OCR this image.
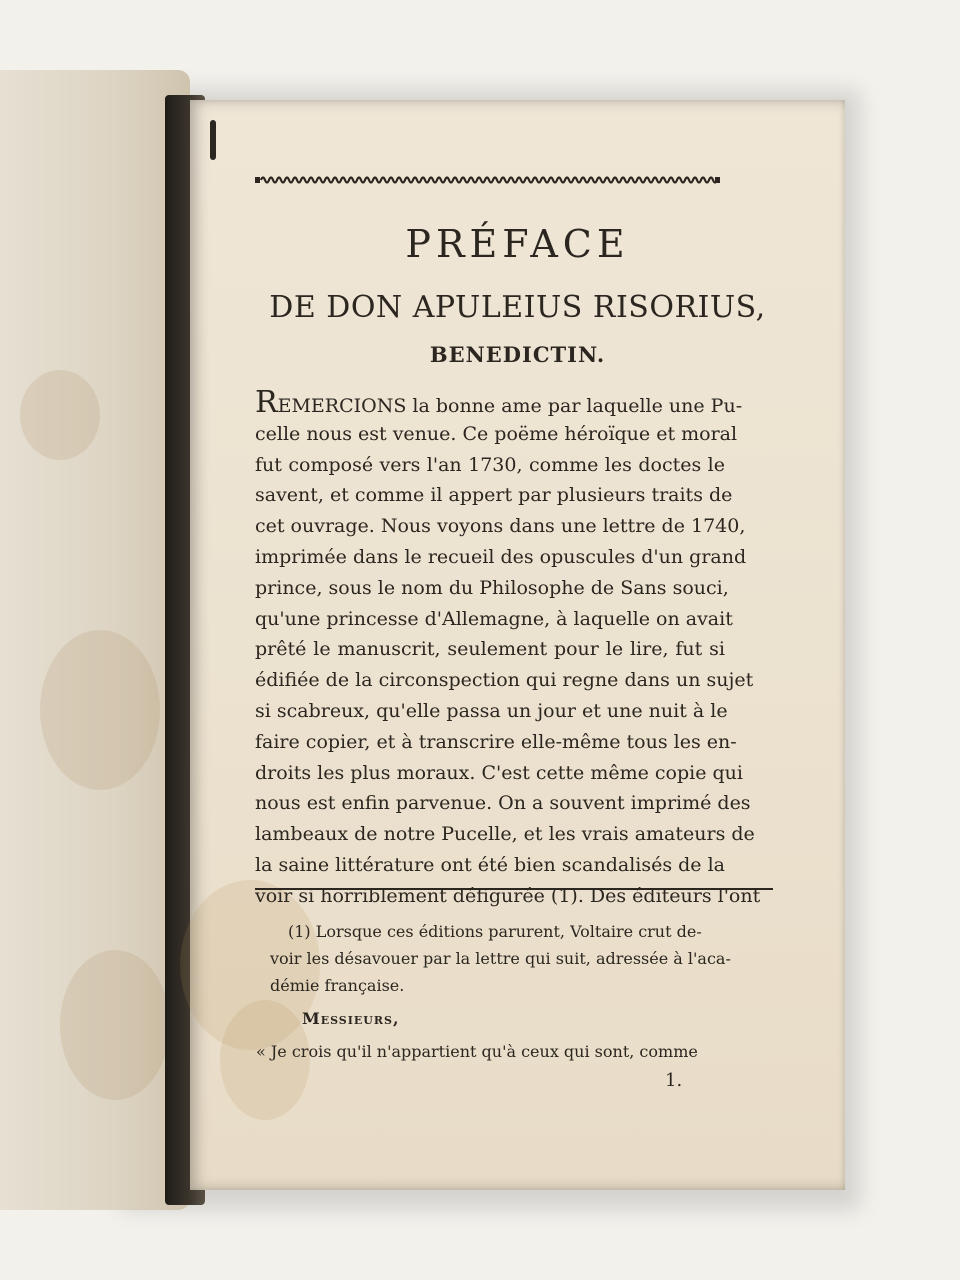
PRÉFACE
DE DON APULEIUS RISORIUS,
BENEDICTIN.
REMERCIONS la bonne ame par laquelle une Pu-
celle nous est venue. Ce poëme héroïque et moral
fut composé vers l'an 1730, comme les doctes le
savent, et comme il appert par plusieurs traits de
cet ouvrage. Nous voyons dans une lettre de 1740,
imprimée dans le recueil des opuscules d'un grand
prince, sous le nom du Philosophe de Sans souci,
qu'une princesse d'Allemagne, à laquelle on avait
prêté le manuscrit, seulement pour le lire, fut si
édifiée de la circonspection qui regne dans un sujet
si scabreux, qu'elle passa un jour et une nuit à le
faire copier, et à transcrire elle-même tous les en-
droits les plus moraux. C'est cette même copie qui
nous est enfin parvenue. On a souvent imprimé des
lambeaux de notre Pucelle, et les vrais amateurs de
la saine littérature ont été bien scandalisés de la
voir si horriblement défigurée (1). Des éditeurs l'ont
(1) Lorsque ces éditions parurent, Voltaire crut de-
voir les désavouer par la lettre qui suit, adressée à l'aca-
démie française.
Messieurs,
« Je crois qu'il n'appartient qu'à ceux qui sont, comme
1.
